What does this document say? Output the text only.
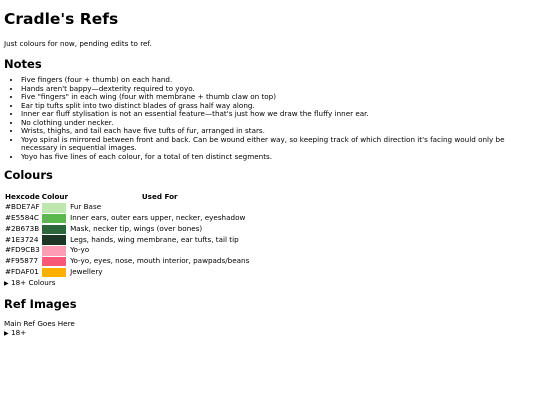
Cradle's Refs

Just colours for now, pending edits to ref.

Notes
• Five fingers (four + thumb) on each hand.
• Hands aren't bappy—dexterity required to yoyo.
• Five "fingers" in each wing (four with membrane + thumb claw on top)
• Ear tip tufts split into two distinct blades of grass half way along.
• Inner ear fluff stylisation is not an essential feature—that's just how we draw the fluffy inner ear.
• No clothing under necker.
• Wrists, thighs, and tail each have five tufts of fur, arranged in stars.
• Yoyo spiral is mirrored between front and back. Can be wound either way, so keeping track of which direction it's facing would only be necessary in sequential images.
• Yoyo has five lines of each colour, for a total of ten distinct segments.
Colours
Hexcode	Colour	Used For
#BDE7AF		Fur Base
#E5584C		Inner ears, outer ears upper, necker, eyeshadow
#2B673B		Mask, necker tip, wings (over bones)
#1E3724		Legs, hands, wing membrane, ear tufts, tail tip
#FD9CB3		Yo-yo
#F95877		Yo-yo, eyes, nose, mouth interior, pawpads/beans
#FDAF01		Jewellery
▶ 18+ Colours
Ref Images
Main Ref Goes Here
▶ 18+
